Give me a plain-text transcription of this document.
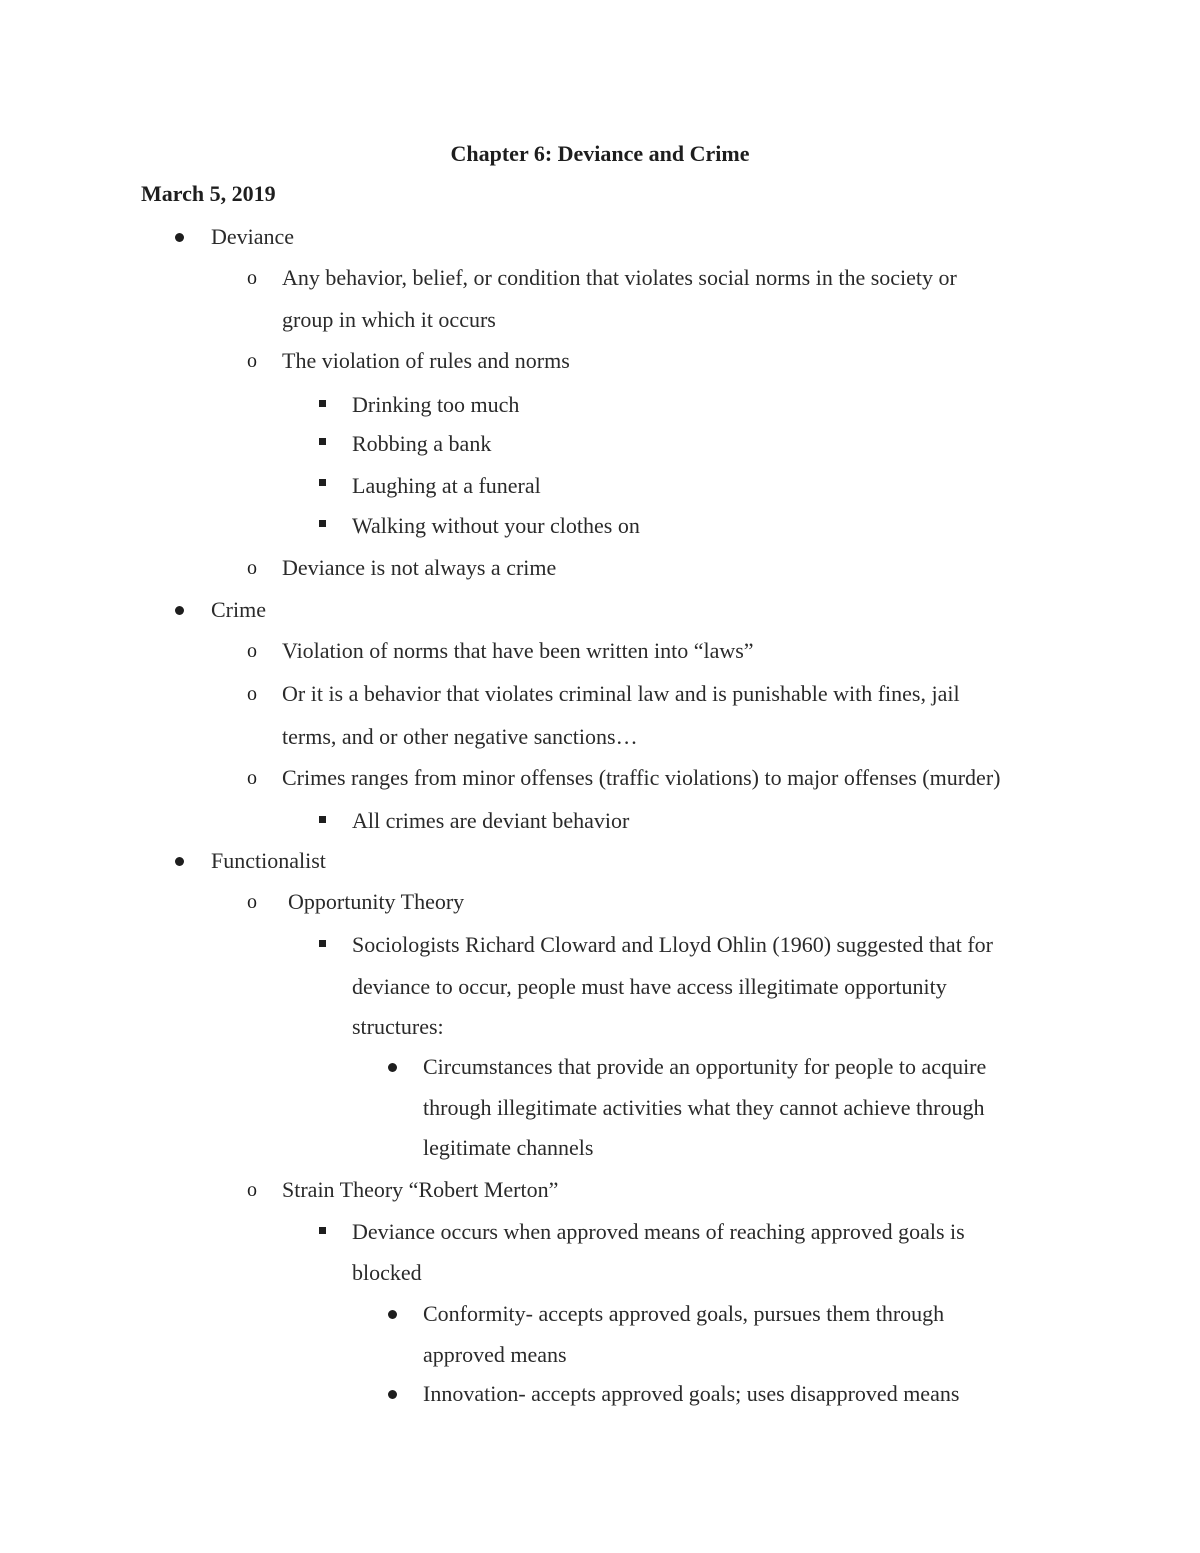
Chapter 6: Deviance and Crime
March 5, 2019
Deviance
o Any behavior, belief, or condition that violates social norms in the society or
group in which it occurs
o The violation of rules and norms
Drinking too much
Robbing a bank
Laughing at a funeral
Walking without your clothes on
o Deviance is not always a crime
Crime
o Violation of norms that have been written into “laws”
o Or it is a behavior that violates criminal law and is punishable with fines, jail
terms, and or other negative sanctions…
o Crimes ranges from minor offenses (traffic violations) to major offenses (murder)
All crimes are deviant behavior
Functionalist
o Opportunity Theory
Sociologists Richard Cloward and Lloyd Ohlin (1960) suggested that for
deviance to occur, people must have access illegitimate opportunity
structures:
Circumstances that provide an opportunity for people to acquire
through illegitimate activities what they cannot achieve through
legitimate channels
o Strain Theory “Robert Merton”
Deviance occurs when approved means of reaching approved goals is
blocked
Conformity- accepts approved goals, pursues them through
approved means
Innovation- accepts approved goals; uses disapproved means
